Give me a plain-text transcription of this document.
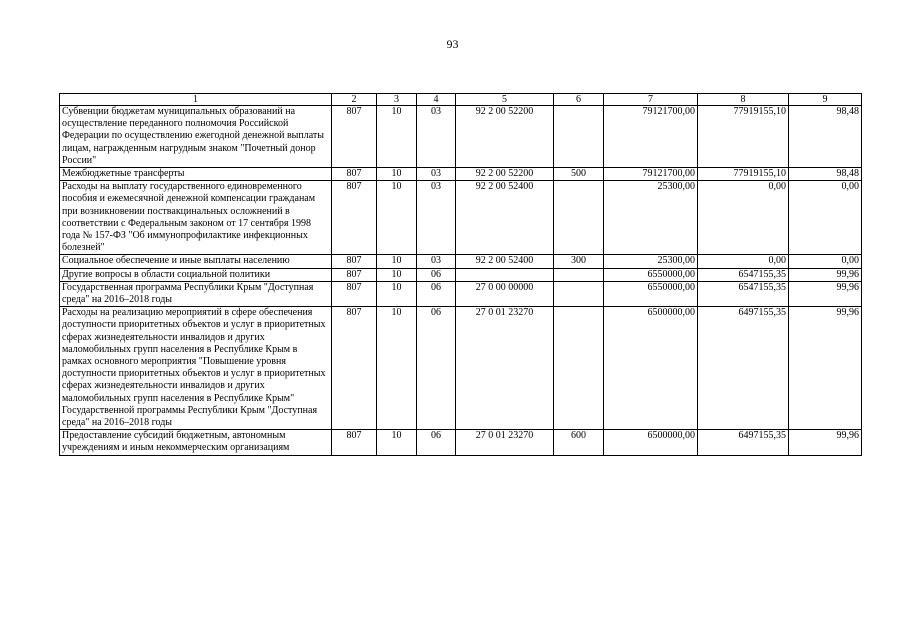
93
1	2	3	4	5	6	7	8	9
Субвенции бюджетам муниципальных образований на осуществление переданного полномочия Российской Федерации по осуществлению ежегодной денежной выплаты лицам, награжденным нагрудным знаком "Почетный донор России"	807	10	03	92 2 00 52200		79121700,00	77919155,10	98,48
Межбюджетные трансферты	807	10	03	92 2 00 52200	500	79121700,00	77919155,10	98,48
Расходы на выплату государственного единовременного пособия и ежемесячной денежной компенсации гражданам при возникновении поствакцинальных осложнений в соответствии с Федеральным законом от 17 сентября 1998 года № 157-ФЗ "Об иммунопрофилактике инфекционных болезней"	807	10	03	92 2 00 52400		25300,00	0,00	0,00
Социальное обеспечение и иные выплаты населению	807	10	03	92 2 00 52400	300	25300,00	0,00	0,00
Другие вопросы в области социальной политики	807	10	06			6550000,00	6547155,35	99,96
Государственная программа Республики Крым "Доступная среда" на 2016–2018 годы	807	10	06	27 0 00 00000		6550000,00	6547155,35	99,96
Расходы на реализацию мероприятий в сфере обеспечения доступности приоритетных объектов и услуг в приоритетных сферах жизнедеятельности инвалидов и других маломобильных групп населения в Республике Крым в рамках основного мероприятия "Повышение уровня доступности приоритетных объектов и услуг в приоритетных сферах жизнедеятельности инвалидов и других маломобильных групп населения в Республике Крым" Государственной программы Республики Крым "Доступная среда" на 2016–2018 годы	807	10	06	27 0 01 23270		6500000,00	6497155,35	99,96
Предоставление субсидий бюджетным, автономным учреждениям и иным некоммерческим организациям	807	10	06	27 0 01 23270	600	6500000,00	6497155,35	99,96
